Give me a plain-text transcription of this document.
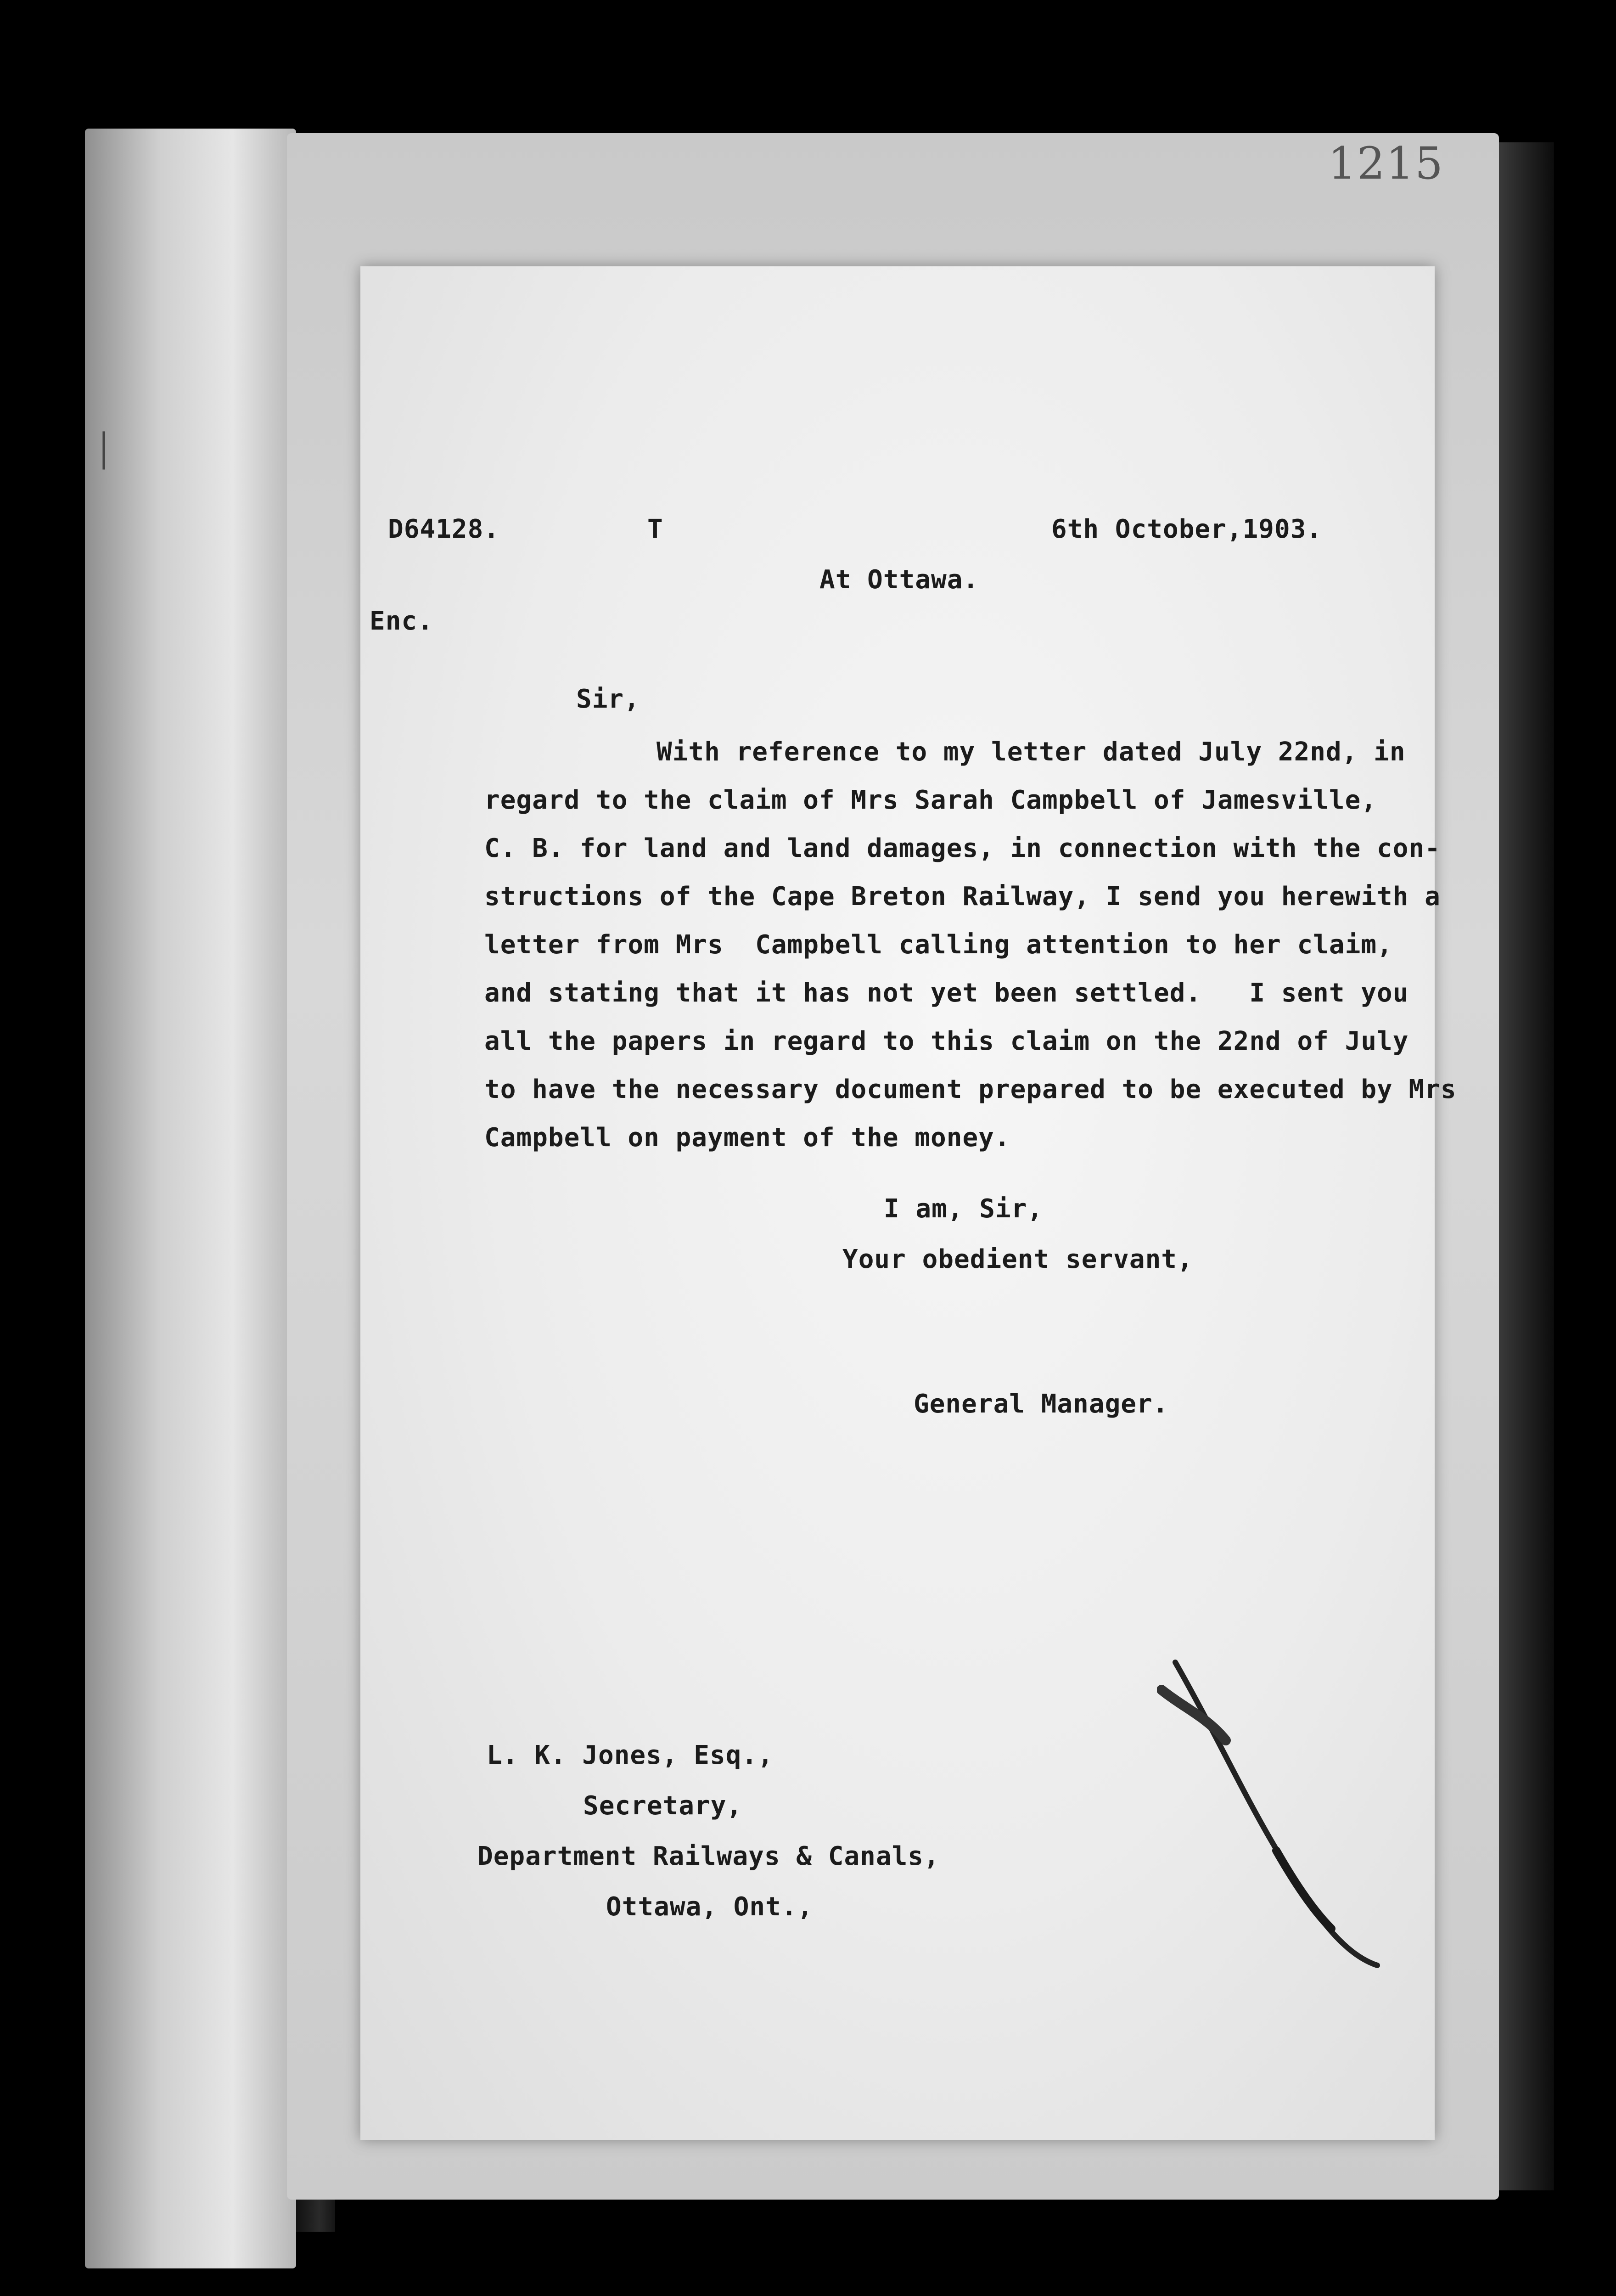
│
1215
D64128.	T	6th October,1903.
At Ottawa.
Enc.
Sir,
With reference to my letter dated July 22nd, in
regard to the claim of Mrs Sarah Campbell of Jamesville,
C. B. for land and land damages, in connection with the con-
structions of the Cape Breton Railway, I send you herewith a
letter from Mrs  Campbell calling attention to her claim,
and stating that it has not yet been settled.   I sent you
all the papers in regard to this claim on the 22nd of July
to have the necessary document prepared to be executed by Mrs
Campbell on payment of the money.
I am, Sir,
Your obedient servant,
General Manager.
L. K. Jones, Esq.,
Secretary,
Department Railways & Canals,
Ottawa, Ont.,
